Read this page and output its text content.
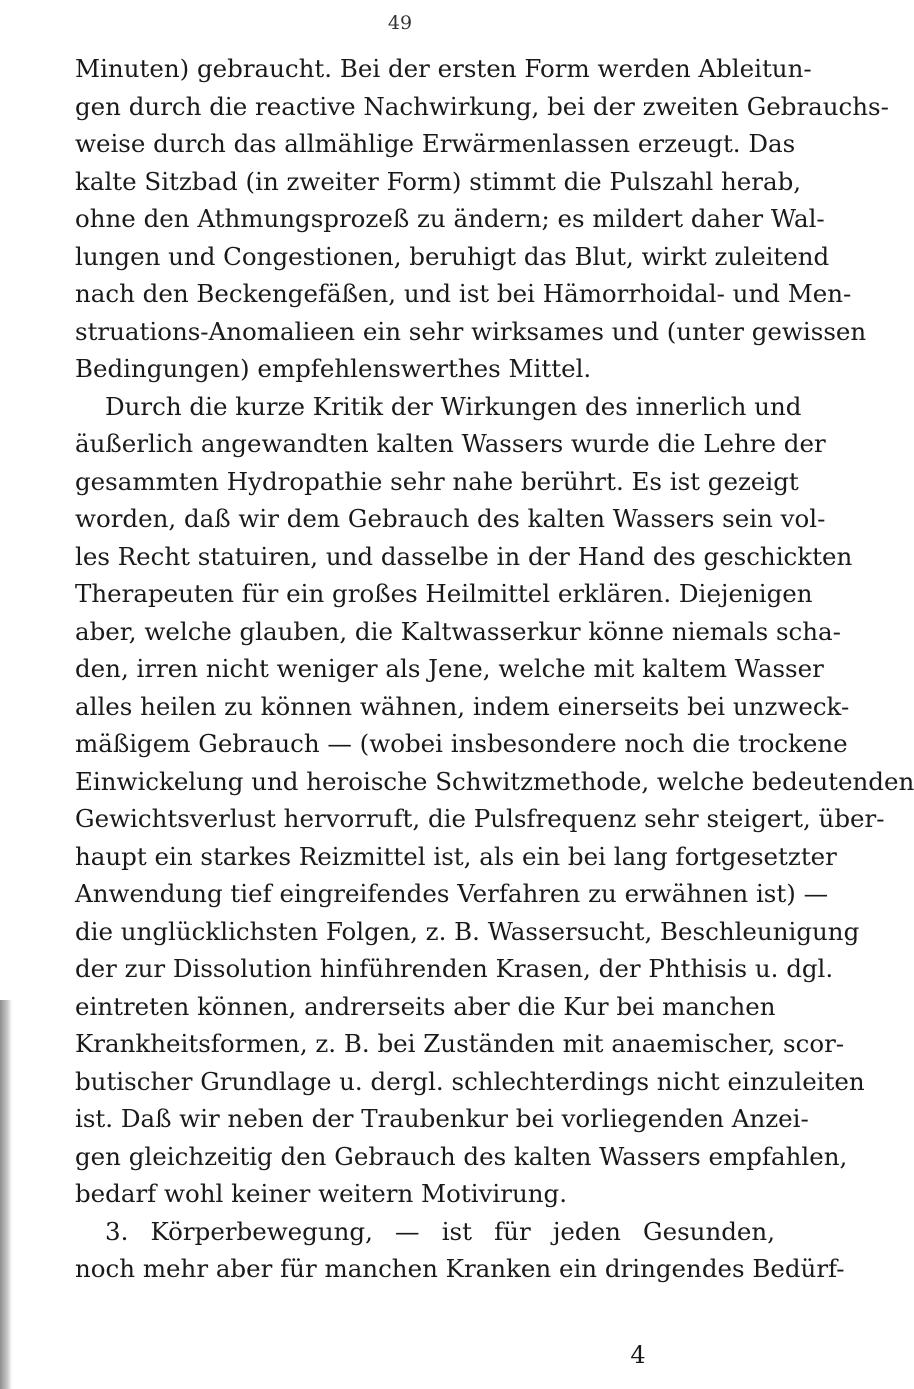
49
Minuten) gebraucht. Bei der ersten Form werden Ableitun-
gen durch die reactive Nachwirkung, bei der zweiten Gebrauchs-
weise durch das allmählige Erwärmenlassen erzeugt. Das
kalte Sitzbad (in zweiter Form) stimmt die Pulszahl herab,
ohne den Athmungsprozeß zu ändern; es mildert daher Wal-
lungen und Congestionen, beruhigt das Blut, wirkt zuleitend
nach den Beckengefäßen, und ist bei Hämorrhoidal- und Men-
struations-Anomalieen ein sehr wirksames und (unter gewissen
Bedingungen) empfehlenswerthes Mittel.
Durch die kurze Kritik der Wirkungen des innerlich und
äußerlich angewandten kalten Wassers wurde die Lehre der
gesammten Hydropathie sehr nahe berührt. Es ist gezeigt
worden, daß wir dem Gebrauch des kalten Wassers sein vol-
les Recht statuiren, und dasselbe in der Hand des geschickten
Therapeuten für ein großes Heilmittel erklären. Diejenigen
aber, welche glauben, die Kaltwasserkur könne niemals scha-
den, irren nicht weniger als Jene, welche mit kaltem Wasser
alles heilen zu können wähnen, indem einerseits bei unzweck-
mäßigem Gebrauch — (wobei insbesondere noch die trockene
Einwickelung und heroische Schwitzmethode, welche bedeutenden
Gewichtsverlust hervorruft, die Pulsfrequenz sehr steigert, über-
haupt ein starkes Reizmittel ist, als ein bei lang fortgesetzter
Anwendung tief eingreifendes Verfahren zu erwähnen ist) —
die unglücklichsten Folgen, z. B. Wassersucht, Beschleunigung
der zur Dissolution hinführenden Krasen, der Phthisis u. dgl.
eintreten können, andrerseits aber die Kur bei manchen
Krankheitsformen, z. B. bei Zuständen mit anaemischer, scor-
butischer Grundlage u. dergl. schlechterdings nicht einzuleiten
ist. Daß wir neben der Traubenkur bei vorliegenden Anzei-
gen gleichzeitig den Gebrauch des kalten Wassers empfahlen,
bedarf wohl keiner weitern Motivirung.
3. Körperbewegung, — ist für jeden Gesunden,
noch mehr aber für manchen Kranken ein dringendes Bedürf-
4
